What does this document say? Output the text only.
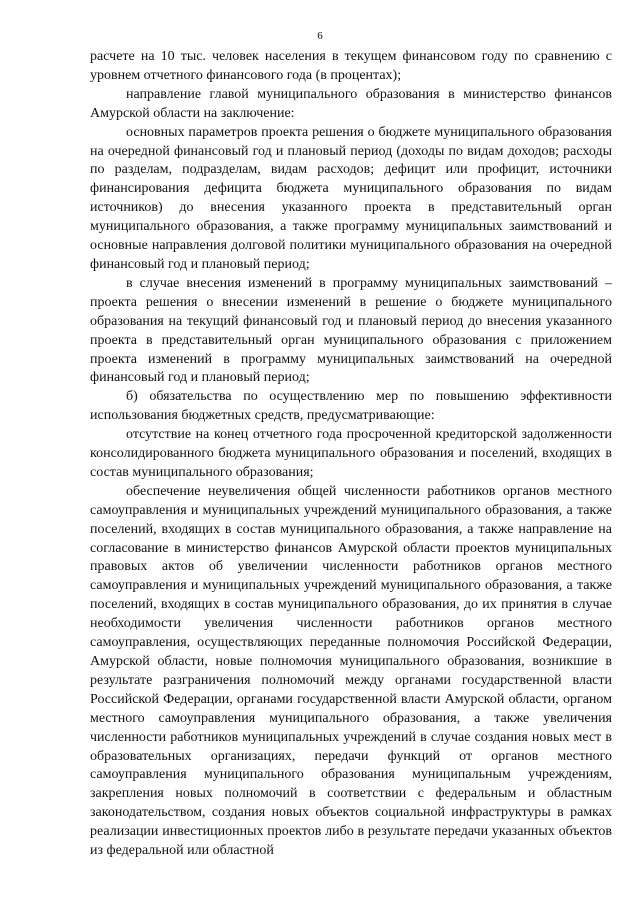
6

расчете на 10 тыс. человек населения в текущем финансовом году по сравнению с уровнем отчетного финансового года (в процентах);

направление главой муниципального образования в министерство финансов Амурской области на заключение:

основных параметров проекта решения о бюджете муниципального образования на очередной финансовый год и плановый период (доходы по видам доходов; расходы по разделам, подразделам, видам расходов; дефицит или профицит, источники финансирования дефицита бюджета муниципального образования по видам источников) до внесения указанного проекта в представительный орган муниципального образования, а также программу муниципальных заимствований и основные направления долговой политики муниципального образования на очередной финансовый год и плановый период;

в случае внесения изменений в программу муниципальных заимствований – проекта решения о внесении изменений в решение о бюджете муниципального образования на текущий финансовый год и плановый период до внесения указанного проекта в представительный орган муниципального образования с приложением проекта изменений в программу муниципальных заимствований на очередной финансовый год и плановый период;

б) обязательства по осуществлению мер по повышению эффективности использования бюджетных средств, предусматривающие:

отсутствие на конец отчетного года просроченной кредиторской задолженности консолидированного бюджета муниципального образования и поселений, входящих в состав муниципального образования;

обеспечение неувеличения общей численности работников органов местного самоуправления и муниципальных учреждений муниципального образования, а также поселений, входящих в состав муниципального образования, а также направление на согласование в министерство финансов Амурской области проектов муниципальных правовых актов об увеличении численности работников органов местного самоуправления и муниципальных учреждений муниципального образования, а также поселений, входящих в состав муниципального образования, до их принятия в случае необходимости увеличения численности работников органов местного самоуправления, осуществляющих переданные полномочия Российской Федерации, Амурской области, новые полномочия муниципального образования, возникшие в результате разграничения полномочий между органами государственной власти Российской Федерации, органами государственной власти Амурской области, органом местного самоуправления муниципального образования, а также увеличения численности работников муниципальных учреждений в случае создания новых мест в образовательных организациях, передачи функций от органов местного самоуправления муниципального образования муниципальным учреждениям, закрепления новых полномочий в соответствии с федеральным и областным законодательством, создания новых объектов социальной инфраструктуры в рамках реализации инвестиционных проектов либо в результате передачи указанных объектов из федеральной или областной
